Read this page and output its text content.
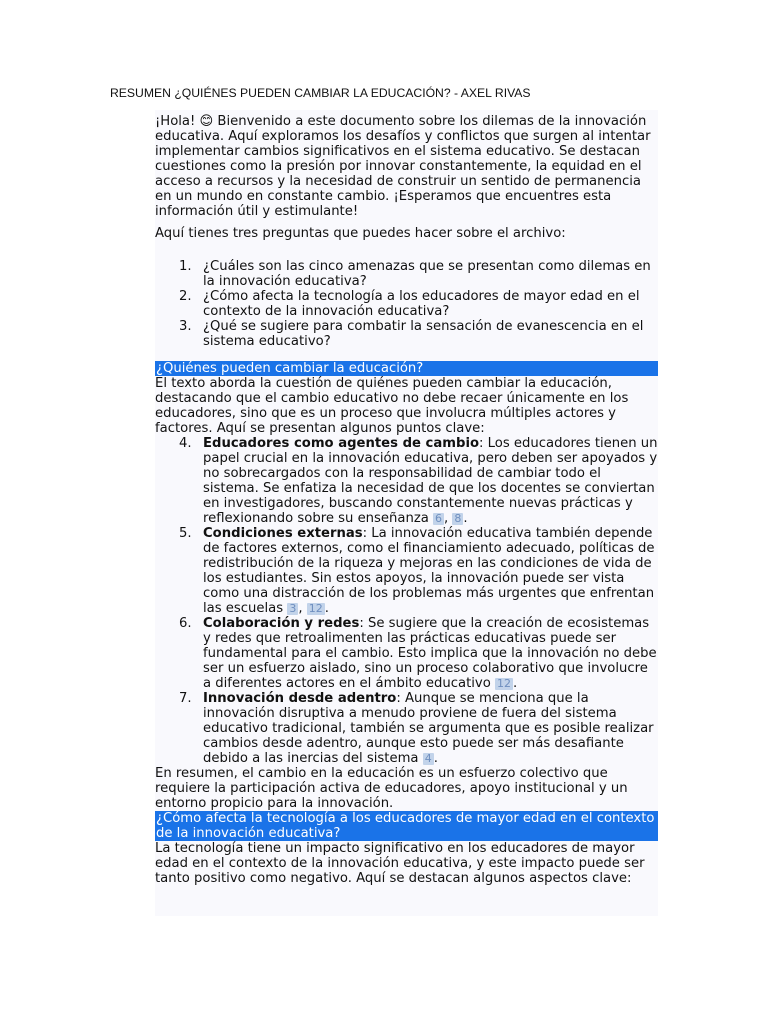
RESUMEN ¿QUIÉNES PUEDEN CAMBIAR LA EDUCACIÓN? - AXEL RIVAS

¡Hola! 😊 Bienvenido a este documento sobre los dilemas de la innovación educativa. Aquí exploramos los desafíos y conflictos que surgen al intentar implementar cambios significativos en el sistema educativo. Se destacan cuestiones como la presión por innovar constantemente, la equidad en el acceso a recursos y la necesidad de construir un sentido de permanencia en un mundo en constante cambio. ¡Esperamos que encuentres esta información útil y estimulante!

Aquí tienes tres preguntas que puedes hacer sobre el archivo:

1. ¿Cuáles son las cinco amenazas que se presentan como dilemas en la innovación educativa?
2. ¿Cómo afecta la tecnología a los educadores de mayor edad en el contexto de la innovación educativa?
3. ¿Qué se sugiere para combatir la sensación de evanescencia en el sistema educativo?

¿Quiénes pueden cambiar la educación?

El texto aborda la cuestión de quiénes pueden cambiar la educación, destacando que el cambio educativo no debe recaer únicamente en los educadores, sino que es un proceso que involucra múltiples actores y factores. Aquí se presentan algunos puntos clave:

4. Educadores como agentes de cambio: Los educadores tienen un papel crucial en la innovación educativa, pero deben ser apoyados y no sobrecargados con la responsabilidad de cambiar todo el sistema. Se enfatiza la necesidad de que los docentes se conviertan en investigadores, buscando constantemente nuevas prácticas y reflexionando sobre su enseñanza 6 , 8 .
5. Condiciones externas: La innovación educativa también depende de factores externos, como el financiamiento adecuado, políticas de redistribución de la riqueza y mejoras en las condiciones de vida de los estudiantes. Sin estos apoyos, la innovación puede ser vista como una distracción de los problemas más urgentes que enfrentan las escuelas 3 , 12 .
6. Colaboración y redes: Se sugiere que la creación de ecosistemas y redes que retroalimenten las prácticas educativas puede ser fundamental para el cambio. Esto implica que la innovación no debe ser un esfuerzo aislado, sino un proceso colaborativo que involucre a diferentes actores en el ámbito educativo 12 .
7. Innovación desde adentro: Aunque se menciona que la innovación disruptiva a menudo proviene de fuera del sistema educativo tradicional, también se argumenta que es posible realizar cambios desde adentro, aunque esto puede ser más desafiante debido a las inercias del sistema 4 .

En resumen, el cambio en la educación es un esfuerzo colectivo que requiere la participación activa de educadores, apoyo institucional y un entorno propicio para la innovación.

¿Cómo afecta la tecnología a los educadores de mayor edad en el contexto de la innovación educativa?

La tecnología tiene un impacto significativo en los educadores de mayor edad en el contexto de la innovación educativa, y este impacto puede ser tanto positivo como negativo. Aquí se destacan algunos aspectos clave:
